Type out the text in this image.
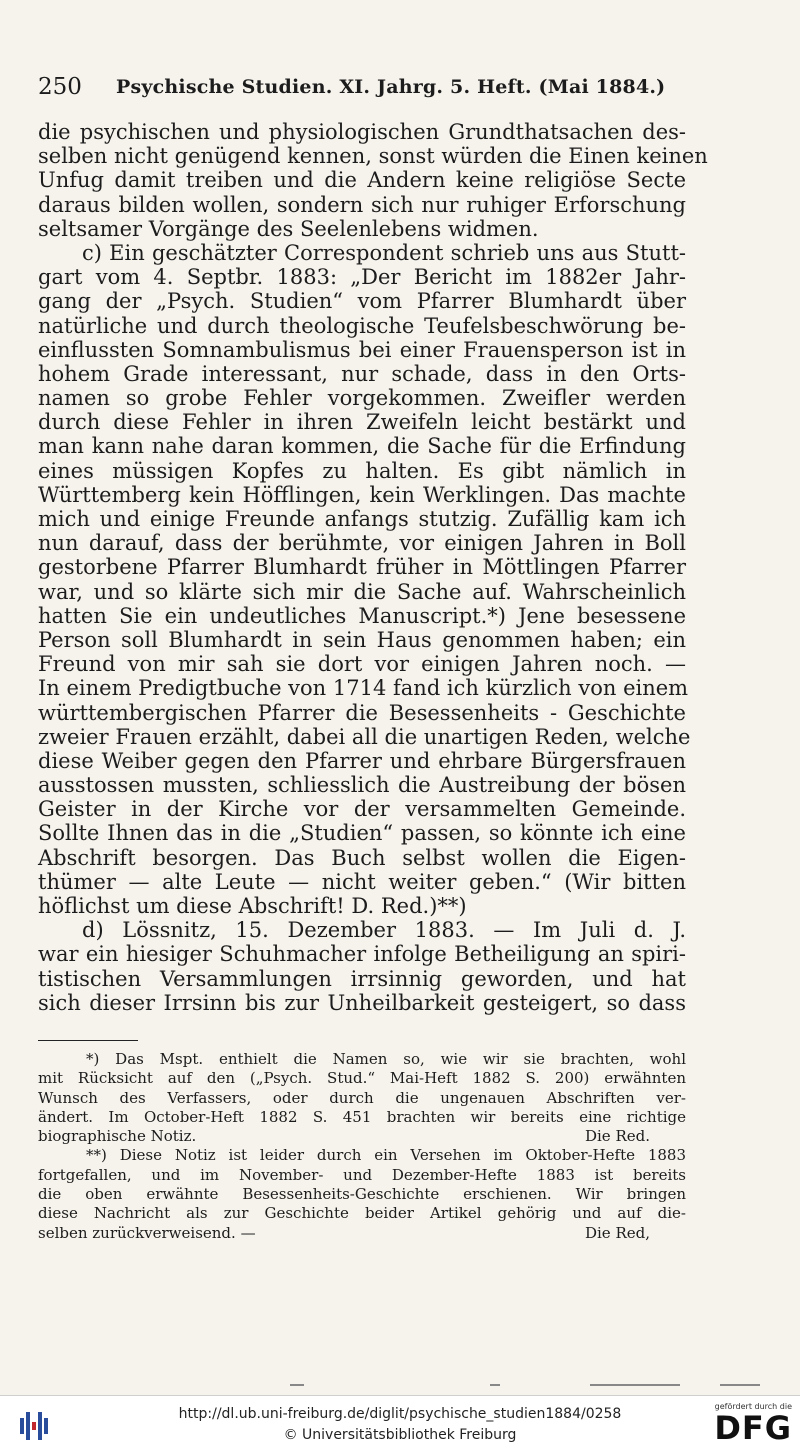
250 Psychische Studien. XI. Jahrg. 5. Heft. (Mai 1884.)
die psychischen und physiologischen Grundthatsachen des-
selben nicht genügend kennen, sonst würden die Einen keinen
Unfug damit treiben und die Andern keine religiöse Secte
daraus bilden wollen, sondern sich nur ruhiger Erforschung
seltsamer Vorgänge des Seelenlebens widmen.
c) Ein geschätzter Correspondent schrieb uns aus Stutt-
gart vom 4. Septbr. 1883: „Der Bericht im 1882er Jahr-
gang der „Psych. Studien“ vom Pfarrer Blumhardt über
natürliche und durch theologische Teufelsbeschwörung be-
einflussten Somnambulismus bei einer Frauensperson ist in
hohem Grade interessant, nur schade, dass in den Orts-
namen so grobe Fehler vorgekommen. Zweifler werden
durch diese Fehler in ihren Zweifeln leicht bestärkt und
man kann nahe daran kommen, die Sache für die Erfindung
eines müssigen Kopfes zu halten. Es gibt nämlich in
Württemberg kein Höfflingen, kein Werklingen. Das machte
mich und einige Freunde anfangs stutzig. Zufällig kam ich
nun darauf, dass der berühmte, vor einigen Jahren in Boll
gestorbene Pfarrer Blumhardt früher in Möttlingen Pfarrer
war, und so klärte sich mir die Sache auf. Wahrscheinlich
hatten Sie ein undeutliches Manuscript.*) Jene besessene
Person soll Blumhardt in sein Haus genommen haben; ein
Freund von mir sah sie dort vor einigen Jahren noch. —
In einem Predigtbuche von 1714 fand ich kürzlich von einem
württembergischen Pfarrer die Besessenheits - Geschichte
zweier Frauen erzählt, dabei all die unartigen Reden, welche
diese Weiber gegen den Pfarrer und ehrbare Bürgersfrauen
ausstossen mussten, schliesslich die Austreibung der bösen
Geister in der Kirche vor der versammelten Gemeinde.
Sollte Ihnen das in die „Studien“ passen, so könnte ich eine
Abschrift besorgen. Das Buch selbst wollen die Eigen-
thümer — alte Leute — nicht weiter geben.“ (Wir bitten
höflichst um diese Abschrift! D. Red.)**)
d) Lössnitz, 15. Dezember 1883. — Im Juli d. J.
war ein hiesiger Schuhmacher infolge Betheiligung an spiri-
tistischen Versammlungen irrsinnig geworden, und hat
sich dieser Irrsinn bis zur Unheilbarkeit gesteigert, so dass
*) Das Mspt. enthielt die Namen so, wie wir sie brachten, wohl
mit Rücksicht auf den („Psych. Stud.“ Mai-Heft 1882 S. 200) erwähnten
Wunsch des Verfassers, oder durch die ungenauen Abschriften ver-
ändert. Im October-Heft 1882 S. 451 brachten wir bereits eine richtige
biographische Notiz.	Die Red.
**) Diese Notiz ist leider durch ein Versehen im Oktober-Hefte 1883
fortgefallen, und im November- und Dezember-Hefte 1883 ist bereits
die oben erwähnte Besessenheits-Geschichte erschienen. Wir bringen
diese Nachricht als zur Geschichte beider Artikel gehörig und auf die-
selben zurückverweisend. —	Die Red,
http://dl.ub.uni-freiburg.de/diglit/psychische_studien1884/0258
© Universitätsbibliothek Freiburg
gefördert durch die
DFG
